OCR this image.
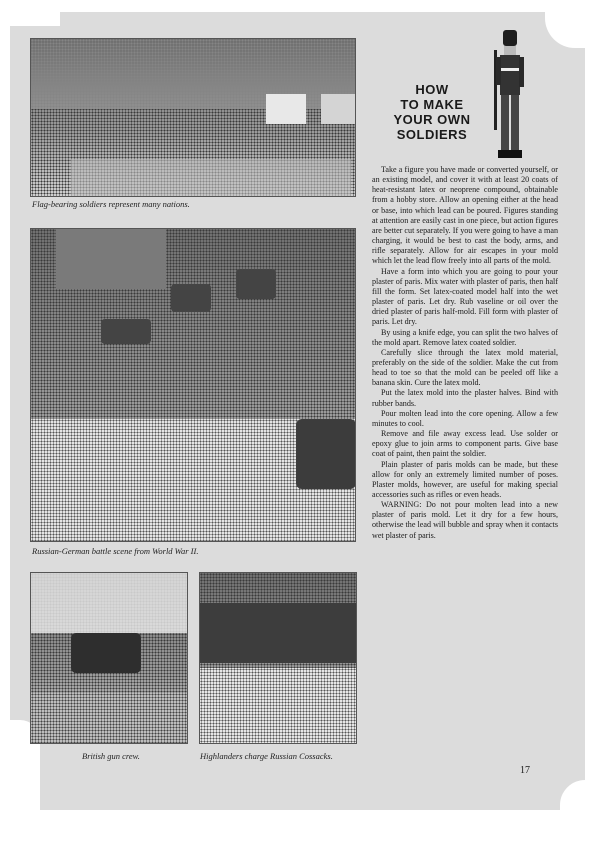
Flag-bearing soldiers represent many nations.
Russian-German battle scene from World War II.
British gun crew.	Highlanders charge Russian Cossacks.
HOW
TO MAKE
YOUR OWN
SOLDIERS

Take a figure you have made or converted yourself, or an existing model, and cover it with at least 20 coats of heat-resistant latex or neoprene compound, obtainable from a hobby store. Allow an opening either at the head or base, into which lead can be poured. Figures standing at attention are easily cast in one piece, but action figures are better cut separately. If you were going to have a man charging, it would be best to cast the body, arms, and rifle separately. Allow for air escapes in your mold which let the lead flow freely into all parts of the mold.

Have a form into which you are going to pour your plaster of paris. Mix water with plaster of paris, then half fill the form. Set latex-coated model half into the wet plaster of paris. Let dry. Rub vaseline or oil over the dried plaster of paris half-mold. Fill form with plaster of paris. Let dry.

By using a knife edge, you can split the two halves of the mold apart. Remove latex coated soldier.

Carefully slice through the latex mold material, preferably on the side of the soldier. Make the cut from head to toe so that the mold can be peeled off like a banana skin. Cure the latex mold.

Put the latex mold into the plaster halves. Bind with rubber bands.

Pour molten lead into the core opening. Allow a few minutes to cool.

Remove and file away excess lead. Use solder or epoxy glue to join arms to component parts. Give base coat of paint, then paint the soldier.

Plain plaster of paris molds can be made, but these allow for only an extremely limited number of poses. Plaster molds, however, are useful for making special accessories such as rifles or even heads.

WARNING: Do not pour molten lead into a new plaster of paris mold. Let it dry for a few hours, otherwise the lead will bubble and spray when it contacts wet plaster of paris.

17
